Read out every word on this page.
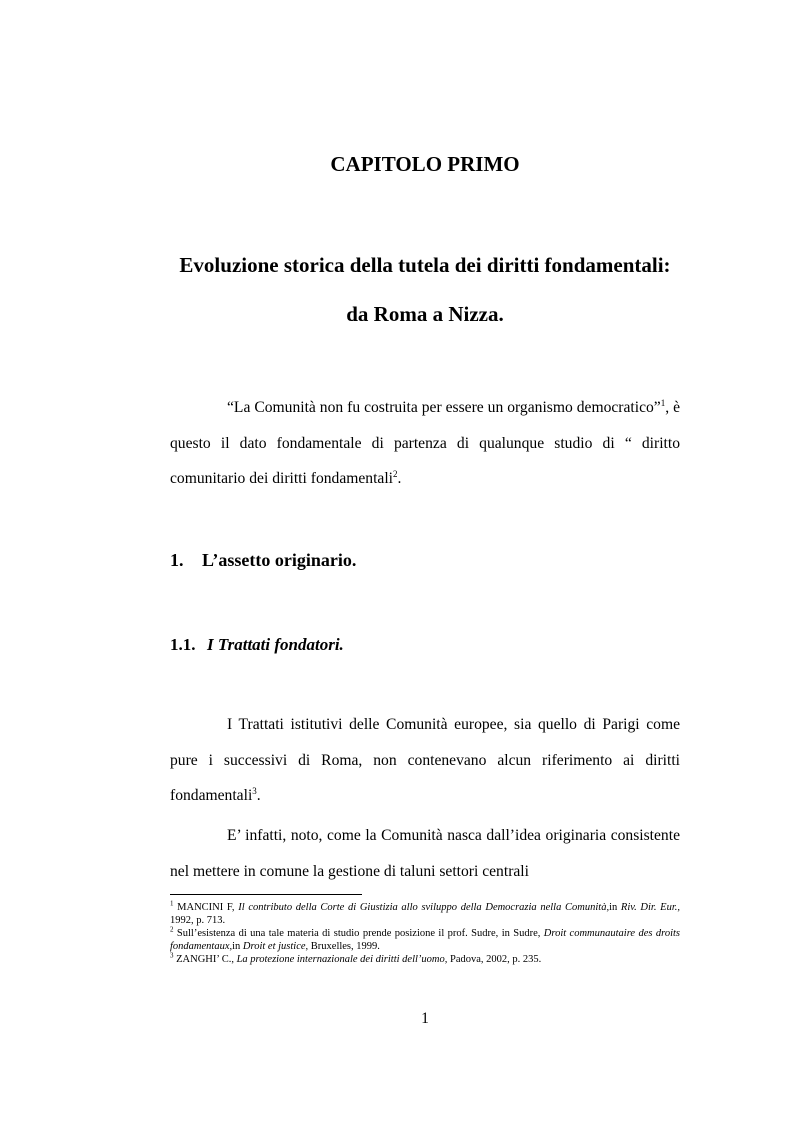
CAPITOLO PRIMO
Evoluzione storica della tutela dei diritti fondamentali:
da Roma a Nizza.

“La Comunità non fu costruita per essere un organismo democratico”$^1$, è questo il dato fondamentale di partenza di qualunque studio di “ diritto comunitario dei diritti fondamentali$^2$.

1. L’assetto originario.
1.1. I Trattati fondatori.

I Trattati istitutivi delle Comunità europee, sia quello di Parigi come pure i successivi di Roma, non contenevano alcun riferimento ai diritti fondamentali$^3$.

E’ infatti, noto, come la Comunità nasca dall’idea originaria consistente nel mettere in comune la gestione di taluni settori centrali

$^1$ MANCINI F, Il contributo della Corte di Giustizia allo sviluppo della Democrazia nella Comunità,in Riv. Dir. Eur., 1992, p. 713.
$^2$ Sull’esistenza di una tale materia di studio prende posizione il prof. Sudre, in Sudre, Droit communautaire des droits fondamentaux,in Droit et justice, Bruxelles, 1999.
$^3$ ZANGHI’ C., La protezione internazionale dei diritti dell’uomo, Padova, 2002, p. 235.
1
